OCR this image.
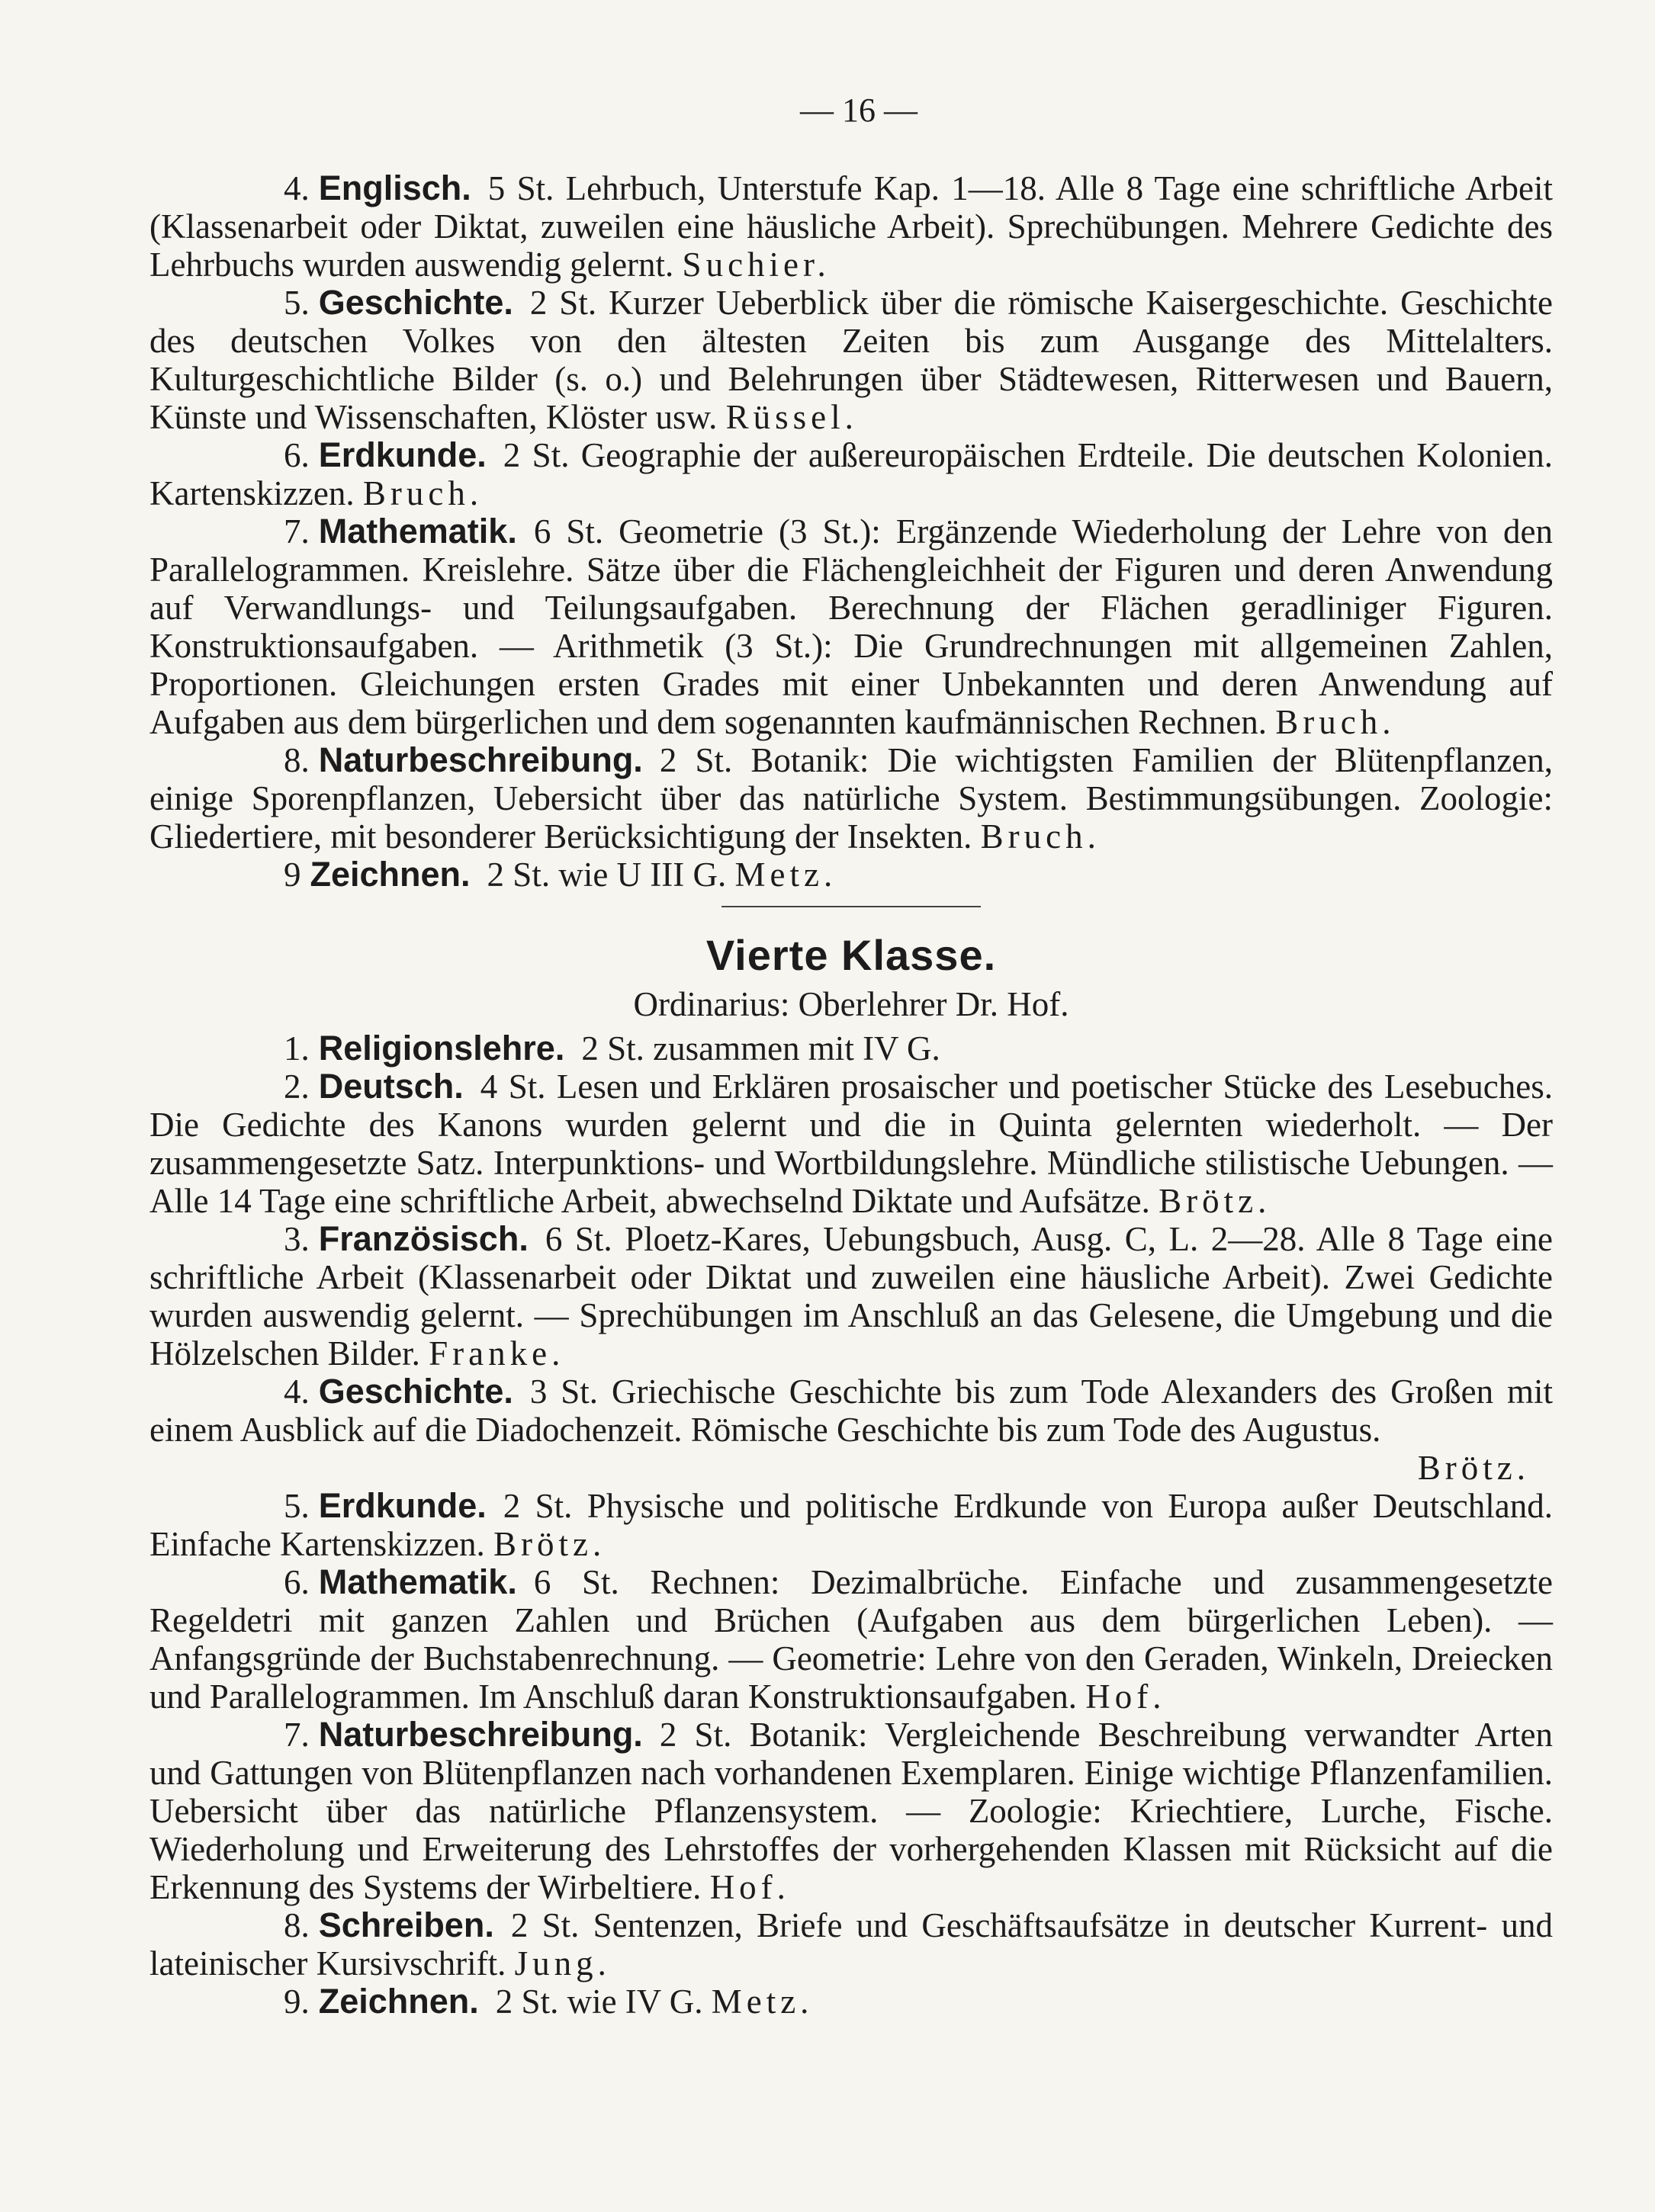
— 16 —

4. Englisch. 5 St. Lehrbuch, Unterstufe Kap. 1—18. Alle 8 Tage eine schriftliche Arbeit (Klassenarbeit oder Diktat, zuweilen eine häusliche Arbeit). Sprechübungen. Mehrere Gedichte des Lehrbuchs wurden auswendig gelernt. Suchier.

5. Geschichte. 2 St. Kurzer Ueberblick über die römische Kaisergeschichte. Geschichte des deutschen Volkes von den ältesten Zeiten bis zum Ausgange des Mittelalters. Kulturgeschichtliche Bilder (s. o.) und Belehrungen über Städtewesen, Ritterwesen und Bauern, Künste und Wissenschaften, Klöster usw. Rüssel.

6. Erdkunde. 2 St. Geographie der außereuropäischen Erdteile. Die deutschen Kolonien. Kartenskizzen. Bruch.

7. Mathematik. 6 St. Geometrie (3 St.): Ergänzende Wiederholung der Lehre von den Parallelogrammen. Kreislehre. Sätze über die Flächengleichheit der Figuren und deren Anwendung auf Verwandlungs- und Teilungsaufgaben. Berechnung der Flächen geradliniger Figuren. Konstruktionsaufgaben. — Arithmetik (3 St.): Die Grundrechnungen mit allgemeinen Zahlen, Proportionen. Gleichungen ersten Grades mit einer Unbekannten und deren Anwendung auf Aufgaben aus dem bürgerlichen und dem sogenannten kaufmännischen Rechnen. Bruch.

8. Naturbeschreibung. 2 St. Botanik: Die wichtigsten Familien der Blütenpflanzen, einige Sporenpflanzen, Uebersicht über das natürliche System. Bestimmungsübungen. Zoologie: Gliedertiere, mit besonderer Berücksichtigung der Insekten. Bruch.

9 Zeichnen. 2 St. wie U III G. Metz.

Vierte Klasse.
Ordinarius: Oberlehrer Dr. Hof.

1. Religionslehre. 2 St. zusammen mit IV G.

2. Deutsch. 4 St. Lesen und Erklären prosaischer und poetischer Stücke des Lesebuches. Die Gedichte des Kanons wurden gelernt und die in Quinta gelernten wiederholt. — Der zusammengesetzte Satz. Interpunktions- und Wortbildungslehre. Mündliche stilistische Uebungen. — Alle 14 Tage eine schriftliche Arbeit, abwechselnd Diktate und Aufsätze. Brötz.

3. Französisch. 6 St. Ploetz-Kares, Uebungsbuch, Ausg. C, L. 2—28. Alle 8 Tage eine schriftliche Arbeit (Klassenarbeit oder Diktat und zuweilen eine häusliche Arbeit). Zwei Gedichte wurden auswendig gelernt. — Sprechübungen im Anschluß an das Gelesene, die Umgebung und die Hölzelschen Bilder. Franke.

4. Geschichte. 3 St. Griechische Geschichte bis zum Tode Alexanders des Großen mit einem Ausblick auf die Diadochenzeit. Römische Geschichte bis zum Tode des Augustus.
Brötz.

5. Erdkunde. 2 St. Physische und politische Erdkunde von Europa außer Deutschland. Einfache Kartenskizzen. Brötz.

6. Mathematik. 6 St. Rechnen: Dezimalbrüche. Einfache und zusammengesetzte Regeldetri mit ganzen Zahlen und Brüchen (Aufgaben aus dem bürgerlichen Leben). — Anfangsgründe der Buchstabenrechnung. — Geometrie: Lehre von den Geraden, Winkeln, Dreiecken und Parallelogrammen. Im Anschluß daran Konstruktionsaufgaben. Hof.

7. Naturbeschreibung. 2 St. Botanik: Vergleichende Beschreibung verwandter Arten und Gattungen von Blütenpflanzen nach vorhandenen Exemplaren. Einige wichtige Pflanzenfamilien. Uebersicht über das natürliche Pflanzensystem. — Zoologie: Kriechtiere, Lurche, Fische. Wiederholung und Erweiterung des Lehrstoffes der vorhergehenden Klassen mit Rücksicht auf die Erkennung des Systems der Wirbeltiere. Hof.

8. Schreiben. 2 St. Sentenzen, Briefe und Geschäftsaufsätze in deutscher Kurrent- und lateinischer Kursivschrift. Jung.

9. Zeichnen. 2 St. wie IV G. Metz.
